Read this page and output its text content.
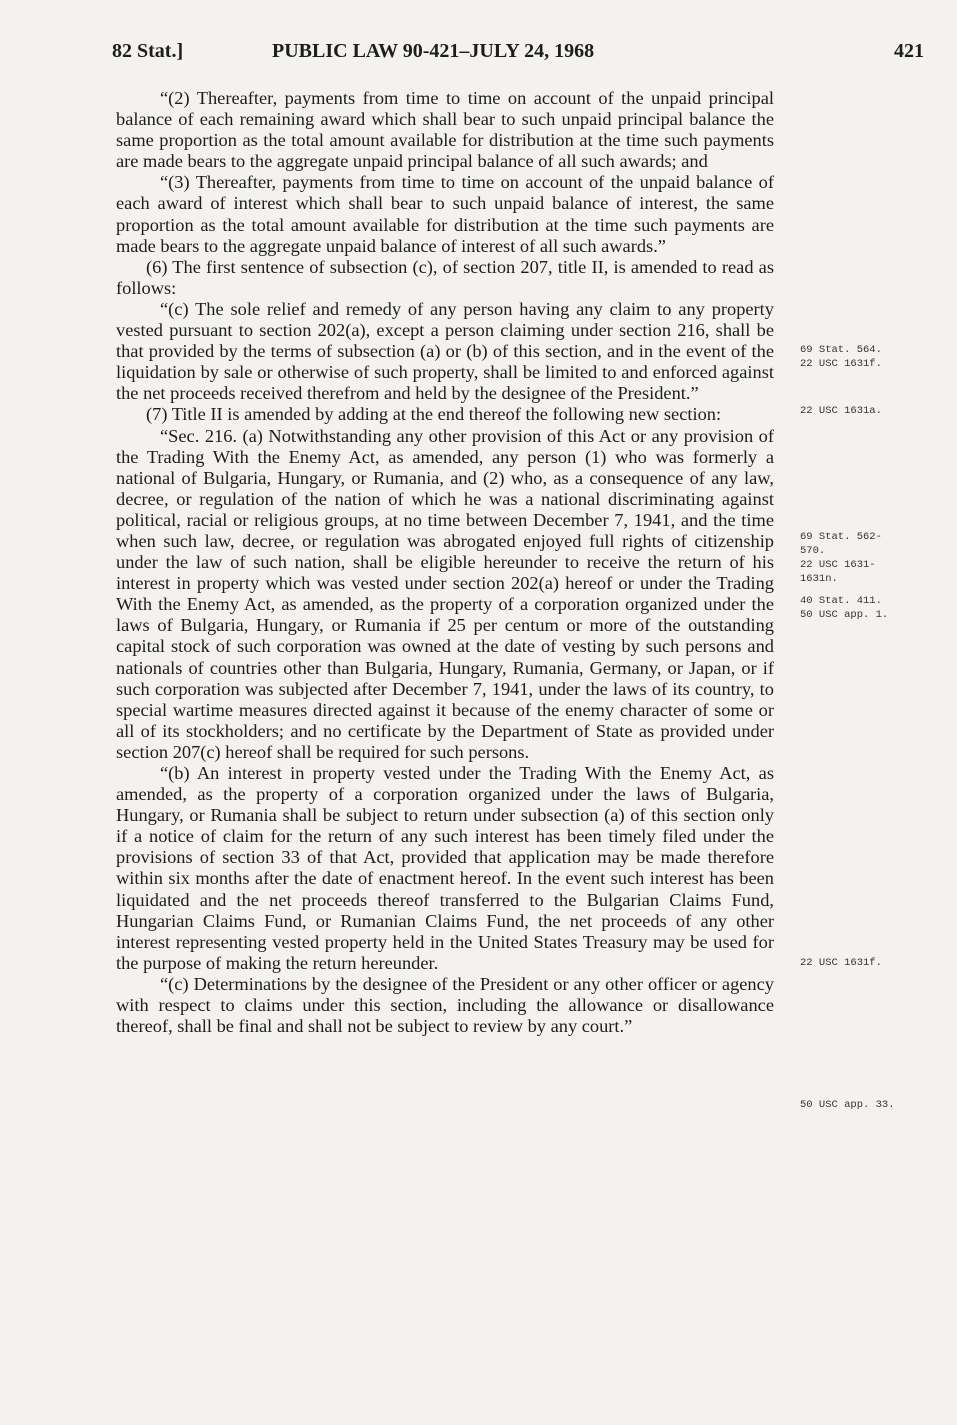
82 Stat.]	PUBLIC LAW 90-421–JULY 24, 1968	421

“(2) Thereafter, payments from time to time on account of the unpaid principal balance of each remaining award which shall bear to such unpaid principal balance the same proportion as the total amount available for distribution at the time such payments are made bears to the aggregate unpaid principal balance of all such awards; and

“(3) Thereafter, payments from time to time on account of the unpaid balance of each award of interest which shall bear to such unpaid balance of interest, the same proportion as the total amount available for distribution at the time such payments are made bears to the aggregate unpaid balance of interest of all such awards.”

(6) The first sentence of subsection (c), of section 207, title II, is amended to read as follows:

“(c) The sole relief and remedy of any person having any claim to any property vested pursuant to section 202(a), except a person claiming under section 216, shall be that provided by the terms of subsection (a) or (b) of this section, and in the event of the liquidation by sale or otherwise of such property, shall be limited to and enforced against the net proceeds received therefrom and held by the designee of the President.”

(7) Title II is amended by adding at the end thereof the following new section:

“Sec. 216. (a) Notwithstanding any other provision of this Act or any provision of the Trading With the Enemy Act, as amended, any person (1) who was formerly a national of Bulgaria, Hungary, or Rumania, and (2) who, as a consequence of any law, decree, or regulation of the nation of which he was a national discriminating against political, racial or religious groups, at no time between December 7, 1941, and the time when such law, decree, or regulation was abrogated enjoyed full rights of citizenship under the law of such nation, shall be eligible hereunder to receive the return of his interest in property which was vested under section 202(a) hereof or under the Trading With the Enemy Act, as amended, as the property of a corporation organized under the laws of Bulgaria, Hungary, or Rumania if 25 per centum or more of the outstanding capital stock of such corporation was owned at the date of vesting by such persons and nationals of countries other than Bulgaria, Hungary, Rumania, Germany, or Japan, or if such corporation was subjected after December 7, 1941, under the laws of its country, to special wartime measures directed against it because of the enemy character of some or all of its stockholders; and no certificate by the Department of State as provided under section 207(c) hereof shall be required for such persons.

“(b) An interest in property vested under the Trading With the Enemy Act, as amended, as the property of a corporation organized under the laws of Bulgaria, Hungary, or Rumania shall be subject to return under subsection (a) of this section only if a notice of claim for the return of any such interest has been timely filed under the provisions of section 33 of that Act, provided that application may be made therefore within six months after the date of enactment hereof. In the event such interest has been liquidated and the net proceeds thereof transferred to the Bulgarian Claims Fund, Hungarian Claims Fund, or Rumanian Claims Fund, the net proceeds of any other interest representing vested property held in the United States Treasury may be used for the purpose of making the return hereunder.

“(c) Determinations by the designee of the President or any other officer or agency with respect to claims under this section, including the allowance or disallowance thereof, shall be final and shall not be subject to review by any court.”

69 Stat. 564.
22 USC 1631f.
22 USC 1631a.
69 Stat. 562-
570.
22 USC 1631-
1631n.
40 Stat. 411.
50 USC app. 1.
22 USC 1631f.
50 USC app. 33.
